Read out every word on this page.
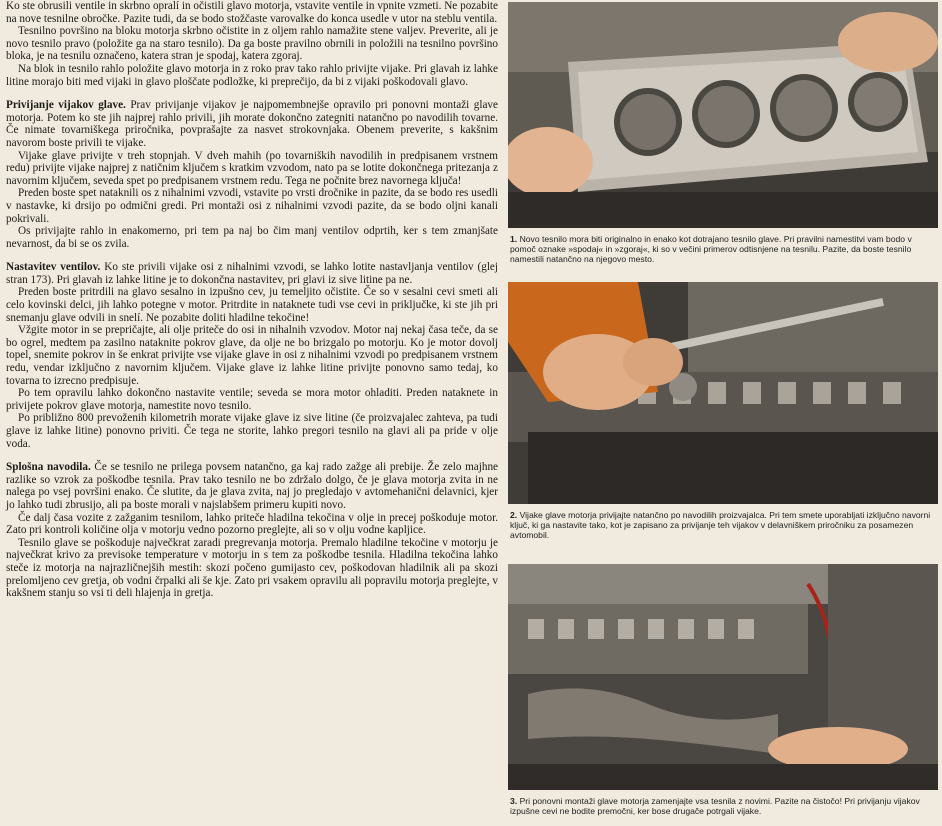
Ko ste obrusili ventile in skrbno opralí in očistili glavo motorja, vstavite ventile in vpnite vzmeti. Ne pozabite na nove tesnilne obročke. Pazite tudi, da se bodo stožčaste varovalke do konca usedle v utor na steblu ventila.

Tesnilno površino na bloku motorja skrbno očistite in z oljem rahlo namažite stene valjev. Preverite, ali je novo tesnilo pravo (položite ga na staro tesnilo). Da ga boste pravilno obrnili in položili na tesnilno površino bloka, je na tesnilu označeno, katera stran je spodaj, katera zgoraj.

Na blok in tesnilo rahlo položite glavo motorja in z roko prav tako rahlo privijte vijake. Pri glavah iz lahke litine morajo biti med vijaki in glavo ploščate podložke, ki preprečijo, da bi z vijaki poškodovali glavo.

Privijanje vijakov glave. Prav privijanje vijakov je najpomembnejše opravilo pri ponovni montaži glave motorja. Potem ko ste jih najprej rahlo privili, jih morate dokončno zategniti natančno po navodilih tovarne. Če nimate tovarniškega priročnika, povprašajte za nasvet strokovnjaka. Obenem preverite, s kakšnim navorom boste privili te vijake.

Vijake glave privijte v treh stopnjah. V dveh mahih (po tovarniških navodilih in predpisanem vrstnem redu) privijte vijake najprej z natičnim ključem s kratkim vzvodom, nato pa se lotite dokončnega pritezanja z navornim ključem, seveda spet po predpisanem vrstnem redu. Tega ne počnite brez navornega ključa!

Preden boste spet nataknili os z nihalnimi vzvodi, vstavite po vrsti dročnike in pazite, da se bodo res usedli v nastavke, ki drsijo po odmični gredi. Pri montaži osi z nihalnimi vzvodi pazite, da se bodo oljni kanali pokrivali.

Os privijajte rahlo in enakomerno, pri tem pa naj bo čim manj ventilov odprtih, ker s tem zmanjšate nevarnost, da bi se os zvila.

Nastavitev ventilov. Ko ste privili vijake osi z nihalnimi vzvodi, se lahko lotite nastavljanja ventilov (glej stran 173). Pri glavah iz lahke litine je to dokončna nastavitev, pri glavi iz sive litine pa ne.

Preden boste pritrdili na glavo sesalno in izpušno cev, ju temeljito očistite. Če so v sesalni cevi smeti ali celo kovinski delci, jih lahko potegne v motor. Pritrdite in nataknete tudi vse cevi in priključke, ki ste jih pri snemanju glave odvili in snelí. Ne pozabite doliti hladilne tekočine!

Vžgite motor in se prepričajte, ali olje priteče do osi in nihalnih vzvodov. Motor naj nekaj časa teče, da se bo ogrel, medtem pa zasilno nataknite pokrov glave, da olje ne bo brizgalo po motorju. Ko je motor dovolj topel, snemite pokrov in še enkrat privijte vse vijake glave in osi z nihalnimi vzvodi po predpisanem vrstnem redu, vendar izključno z navornim ključem. Vijake glave iz lahke litine privijte ponovno samo tedaj, ko tovarna to izrecno predpisuje.

Po tem opravilu lahko dokončno nastavite ventile; seveda se mora motor ohladiti. Preden nataknete in privijete pokrov glave motorja, namestite novo tesnilo.

Po približno 800 prevoženih kilometrih morate vijake glave iz sive litine (če proizvajalec zahteva, pa tudi glave iz lahke litine) ponovno priviti. Če tega ne storite, lahko pregori tesnilo na glavi ali pa pride v olje voda.

Splošna navodila. Če se tesnilo ne prilega povsem natančno, ga kaj rado zažge ali prebije. Že zelo majhne razlike so vzrok za poškodbe tesnila. Prav tako tesnilo ne bo zdržalo dolgo, če je glava motorja zvita in ne nalega po vsej površini enako. Če slutite, da je glava zvita, naj jo pregledajo v avtomehanični delavnici, kjer jo lahko tudi zbrusijo, ali pa boste morali v najslabšem primeru kupiti novo.

Če dalj časa vozite z zažganim tesnilom, lahko priteče hladilna tekočina v olje in precej poškoduje motor. Zato pri kontroli količine olja v motorju vedno pozorno preglejte, ali so v olju vodne kapljice.

Tesnilo glave se poškoduje največkrat zaradi pregrevanja motorja. Premalo hladilne tekočine v motorju je največkrat krivo za previsoke temperature v motorju in s tem za poškodbe tesnila. Hladilna tekočina lahko steče iz motorja na najrazličnejših mestih: skozi počeno gumijasto cev, poškodovan hladilnik ali pa skozi prelomljeno cev gretja, ob vodni črpalki ali še kje. Zato pri vsakem opravilu ali popravilu motorja preglejte, v kakšnem stanju so vsi ti deli hlajenja in gretja.

1. Novo tesnilo mora biti originalno in enako kot dotrajano tesnilo glave. Pri pravilni namestitvi vam bodo v pomoč oznake »spodaj« in »zgoraj«, ki so v večini primerov odtisnjene na tesnilu. Pazite, da boste tesnilo namestili natančno na njegovo mesto.
2. Vijake glave motorja privijajte natančno po navodilih proizvajalca. Pri tem smete uporabljati izključno navorni ključ, ki ga nastavite tako, kot je zapisano za privijanje teh vijakov v delavniškem priročniku za posamezen avtomobil.
3. Pri ponovni montaži glave motorja zamenjajte vsa tesnila z novimi. Pazite na čistočo! Pri privijanju vijakov izpušne cevi ne bodite premočni, ker bose drugače potrgali vijake.
